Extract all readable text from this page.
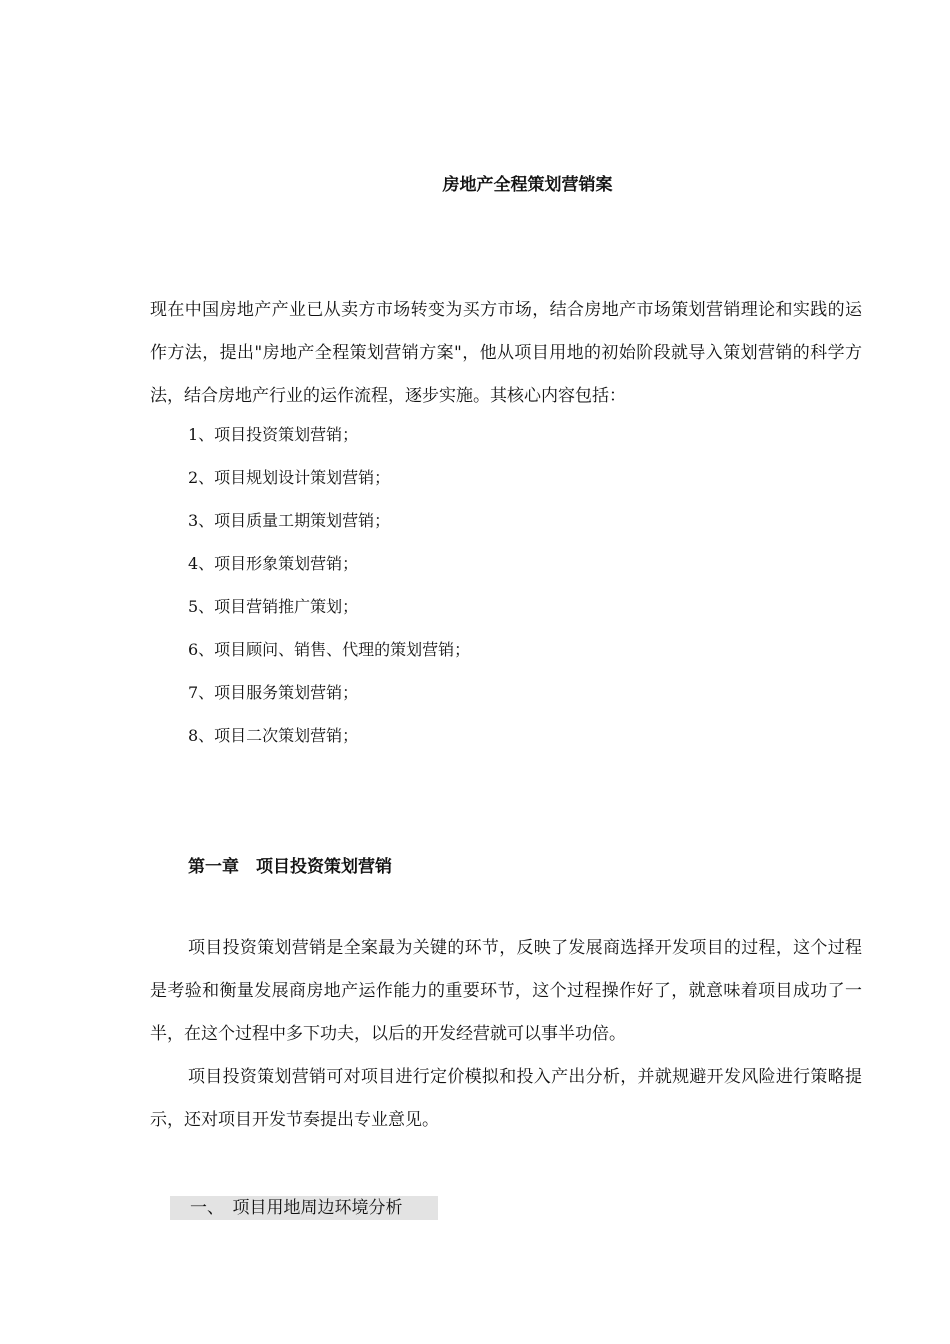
房地产全程策划营销案

现在中国房地产产业已从卖方市场转变为买方市场，结合房地产市场策划营销理论和实践的运作方法，提出"房地产全程策划营销方案"，他从项目用地的初始阶段就导入策划营销的科学方法，结合房地产行业的运作流程，逐步实施。其核心内容包括：

1、项目投资策划营销；
2、项目规划设计策划营销；
3、项目质量工期策划营销；
4、项目形象策划营销；
5、项目营销推广策划；
6、项目顾问、销售、代理的策划营销；
7、项目服务策划营销；
8、项目二次策划营销；
第一章　项目投资策划营销

项目投资策划营销是全案最为关键的环节，反映了发展商选择开发项目的过程，这个过程是考验和衡量发展商房地产运作能力的重要环节，这个过程操作好了，就意味着项目成功了一半，在这个过程中多下功夫，以后的开发经营就可以事半功倍。

项目投资策划营销可对项目进行定价模拟和投入产出分析，并就规避开发风险进行策略提示，还对项目开发节奏提出专业意见。

一、　项目用地周边环境分析
